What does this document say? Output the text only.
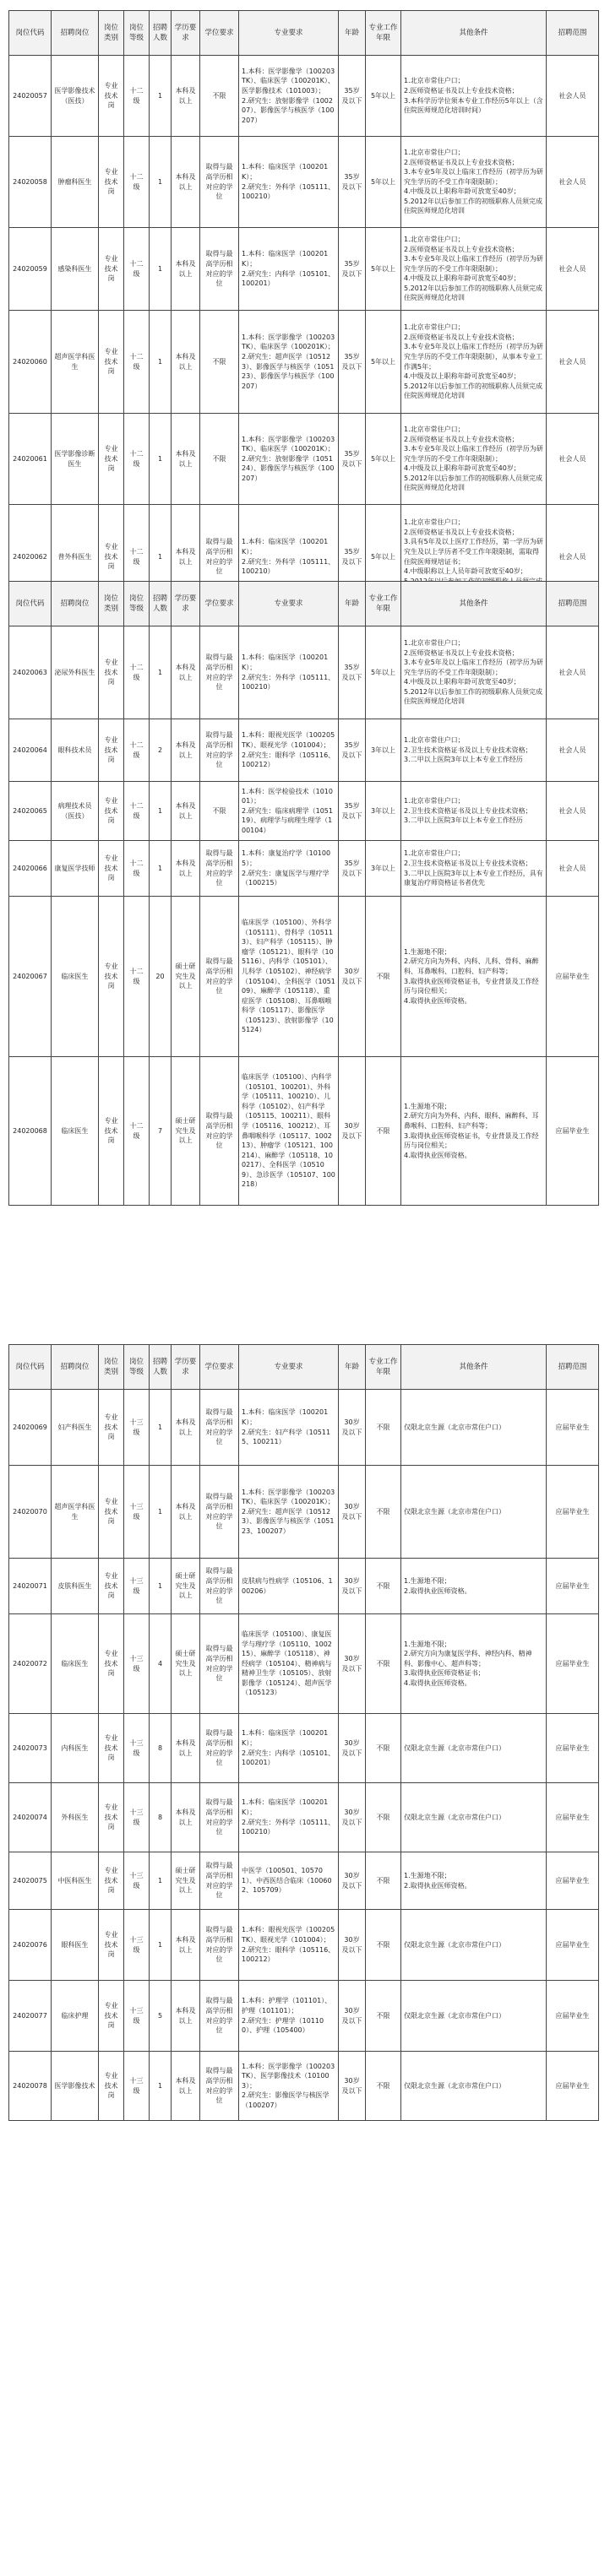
岗位代码	招聘岗位	岗位类别	岗位等级	招聘人数	学历要求	学位要求	专业要求	年龄	专业工作年限	其他条件	招聘范围
24020057	医学影像技术（医技）	专业技术岗	十二级	1	本科及以上	不限	1.本科：医学影像学（100203TK）、临床医学（100201K）、医学影像技术（101003）；
2.研究生：放射影像学（100207）、影像医学与核医学（100207）	35岁及以下	5年以上	1.北京市常住户口；
2.医师资格证书及以上专业技术资格；
3.本科学历学位须本专业工作经历5年以上（含住院医师规范化培训时间）	社会人员
24020058	肿瘤科医生	专业技术岗	十二级	1	本科及以上	取得与最高学历相对应的学位	1.本科：临床医学（100201K）；
2.研究生：外科学（105111、100210）	35岁及以下	5年以上	1.北京市常住户口；
2.医师资格证书及以上专业技术资格；
3.本专业5年及以上临床工作经历（初学历为研究生学历的不受工作年限限制）；
4.中级及以上职称年龄可放宽至40岁；
5.2012年以后参加工作的初级职称人员须完成住院医师规范化培训	社会人员
24020059	感染科医生	专业技术岗	十二级	1	本科及以上	取得与最高学历相对应的学位	1.本科：临床医学（100201K）；
2.研究生：内科学（105101、100201）	35岁及以下	5年以上	1.北京市常住户口；
2.医师资格证书及以上专业技术资格；
3.本专业5年及以上临床工作经历（初学历为研究生学历的不受工作年限限制）；
4.中级及以上职称年龄可放宽至40岁；
5.2012年以后参加工作的初级职称人员须完成住院医师规范化培训	社会人员
24020060	超声医学科医生	专业技术岗	十二级	1	本科及以上	不限	1.本科：医学影像学（100203TK）、临床医学（100201K）；
2.研究生：超声医学（105123）、影像医学与核医学（105123）、影像医学与核医学（100207）	35岁及以下	5年以上	1.北京市常住户口；
2.医师资格证书及以上专业技术资格；
3.本专业5年及以上临床工作经历（初学历为研究生学历的不受工作年限限制），从事本专业工作满5年；
4.中级及以上职称年龄可放宽至40岁；
5.2012年以后参加工作的初级职称人员须完成住院医师规范化培训	社会人员
24020061	医学影像诊断医生	专业技术岗	十二级	1	本科及以上	不限	1.本科：医学影像学（100203TK）、临床医学（100201K）；
2.研究生：放射影像学（105124）、影像医学与核医学（100207）	35岁及以下	5年以上	1.北京市常住户口；
2.医师资格证书及以上专业技术资格；
3.本专业5年及以上临床工作经历（初学历为研究生学历的不受工作年限限制）；
4.中级及以上职称年龄可放宽至40岁；
5.2012年以后参加工作的初级职称人员须完成住院医师规范化培训	社会人员
24020062	普外科医生	专业技术岗	十二级	1	本科及以上	取得与最高学历相对应的学位	1.本科：临床医学（100201K）；
2.研究生：外科学（105111、100210）	35岁及以下	5年以上	1.北京市常住户口；
2.医师资格证书及以上专业技术资格；
3.具有5年及以上医疗工作经历，第一学历为研究生及以上学历者不受工作年限限制，需取得住院医师规培证书；
4.中级职称以上人员年龄可放宽至40岁；	社会人员
岗位代码	招聘岗位	岗位类别	岗位等级	招聘人数	学历要求	学位要求	专业要求	年龄	专业工作年限	其他条件	招聘范围
24020063	泌尿外科医生	专业技术岗	十二级	1	本科及以上	取得与最高学历相对应的学位	1.本科：临床医学（100201K）；
2.研究生：外科学（105111、100210）	35岁及以下	5年以上	1.北京市常住户口；
2.医师资格证书及以上专业技术资格；
3.本专业5年及以上临床工作经历（初学历为研究生学历的不受工作年限限制）；
4.中级及以上职称年龄可放宽至40岁；
5.2012年以后参加工作的初级职称人员须完成住院医师规范化培训	社会人员
24020064	眼科技术员	专业技术岗	十二级	2	本科及以上	取得与最高学历相对应的学位	1.本科：眼视光医学（100205TK）、眼视光学（101004）；
2.研究生：眼科学（105116、100212）	35岁及以下	3年以上	1.北京市常住户口；
2.卫生技术资格证书及以上专业技术资格；
3.二甲以上医院3年以上本专业工作经历	社会人员
24020065	病理技术员（医技）	专业技术岗	十二级	1	本科及以上	不限	1.本科：医学检验技术（101001）；
2.研究生：临床病理学（105119）、病理学与病理生理学（100104）	35岁及以下	3年以上	1.北京市常住户口；
2.卫生技术资格证书及以上专业技术资格；
3.二甲以上医院3年以上本专业工作经历	社会人员
24020066	康复医学技师	专业技术岗	十二级	1	本科及以上	取得与最高学历相对应的学位	1.本科：康复治疗学（101005）；
2.研究生：康复医学与理疗学（100215）	35岁及以下	3年以上	1.北京市常住户口；
2.卫生技术资格证书及以上专业技术资格；
3.二甲以上医院3年以上本专业工作经历，具有康复治疗师资格证书者优先	社会人员
24020067	临床医生	专业技术岗	十二级	20	硕士研究生及以上	取得与最高学历相对应的学位	临床医学（105100）、外科学（105111）、骨科学（105113）、妇产科学（105115）、肿瘤学（105121）、眼科学（105116）、内科学（105101）、儿科学（105102）、神经病学（105104）、全科医学（105109）、麻醉学（105118）、重症医学（105108）、耳鼻咽喉科学（105117）、影像医学（105123）、放射影像学（105124）	30岁及以下	不限	1.生源地不限；
2.研究方向为外科、内科、儿科、骨科、麻醉科、耳鼻喉科、口腔科、妇产科等；
3.取得执业医师资格证书，专业背景及工作经历与岗位相关；
4.取得执业医师资格。	应届毕业生
24020068	临床医生	专业技术岗	十二级	7	硕士研究生及以上	取得与最高学历相对应的学位	临床医学（105100）、内科学（105101、100201）、外科学（105111、100210）、儿科学（105102）、妇产科学（105115、100211）、眼科学（105116、100212）、耳鼻咽喉科学（105117、100213）、肿瘤学（105121、100214）、麻醉学（105118、100217）、全科医学（105109）、急诊医学（105107、100218）	30岁及以下	不限	1.生源地不限；
2.研究方向为外科、内科、眼科、麻醉科、耳鼻喉科、口腔科、妇产科等；
3.取得执业医师资格证书，专业背景及工作经历与岗位相关；
4.取得执业医师资格。	应届毕业生
岗位代码	招聘岗位	岗位类别	岗位等级	招聘人数	学历要求	学位要求	专业要求	年龄	专业工作年限	其他条件	招聘范围
24020069	妇产科医生	专业技术岗	十三级	1	本科及以上	取得与最高学历相对应的学位	1.本科：临床医学（100201K）；
2.研究生：妇产科学（105115、100211）	30岁及以下	不限	仅限北京生源（北京市常住户口）	应届毕业生
24020070	超声医学科医生	专业技术岗	十三级	1	本科及以上	取得与最高学历相对应的学位	1.本科：医学影像学（100203TK）、临床医学（100201K）；
2.研究生：超声医学（105123）、影像医学与核医学（105123、100207）	30岁及以下	不限	仅限北京生源（北京市常住户口）	应届毕业生
24020071	皮肤科医生	专业技术岗	十三级	1	硕士研究生及以上	取得与最高学历相对应的学位	皮肤病与性病学（105106、100206）	30岁及以下	不限	1.生源地不限；
2.取得执业医师资格。	应届毕业生
24020072	临床医生	专业技术岗	十三级	4	硕士研究生及以上	取得与最高学历相对应的学位	临床医学（105100）、康复医学与理疗学（105110、100215）、麻醉学（105118）、神经病学（105104）、精神病与精神卫生学（105105）、放射影像学（105124）、超声医学（105123）	30岁及以下	不限	1.生源地不限；
2.研究方向为康复医学科、神经内科、精神科、影像中心、超声科等；
3.取得执业医师资格证书；
4.取得执业医师资格。	应届毕业生
24020073	内科医生	专业技术岗	十三级	8	本科及以上	取得与最高学历相对应的学位	1.本科：临床医学（100201K）；
2.研究生：内科学（105101、100201）	30岁及以下	不限	仅限北京生源（北京市常住户口）	应届毕业生
24020074	外科医生	专业技术岗	十三级	8	本科及以上	取得与最高学历相对应的学位	1.本科：临床医学（100201K）；
2.研究生：外科学（105111、100210）	30岁及以下	不限	仅限北京生源（北京市常住户口）	应届毕业生
24020075	中医科医生	专业技术岗	十三级	1	硕士研究生及以上	取得与最高学历相对应的学位	中医学（100501、105701）、中西医结合临床（100602、105709）	30岁及以下	不限	1.生源地不限；
2.取得执业医师资格。	应届毕业生
24020076	眼科医生	专业技术岗	十三级	1	本科及以上	取得与最高学历相对应的学位	1.本科：眼视光医学（100205TK）、眼视光学（101004）；
2.研究生：眼科学（105116、100212）	30岁及以下	不限	仅限北京生源（北京市常住户口）	应届毕业生
24020077	临床护理	专业技术岗	十三级	5	本科及以上	取得与最高学历相对应的学位	1.本科：护理学（101101）、护理（101101）；
2.研究生：护理学（101100）、护理（105400）	30岁及以下	不限	仅限北京生源（北京市常住户口）	应届毕业生
24020078	医学影像技术	专业技术岗	十三级	1	本科及以上	取得与最高学历相对应的学位	1.本科：医学影像学（100203TK）、医学影像技术（101003）；
2.研究生：影像医学与核医学（100207）	30岁及以下	不限	仅限北京生源（北京市常住户口）	应届毕业生
